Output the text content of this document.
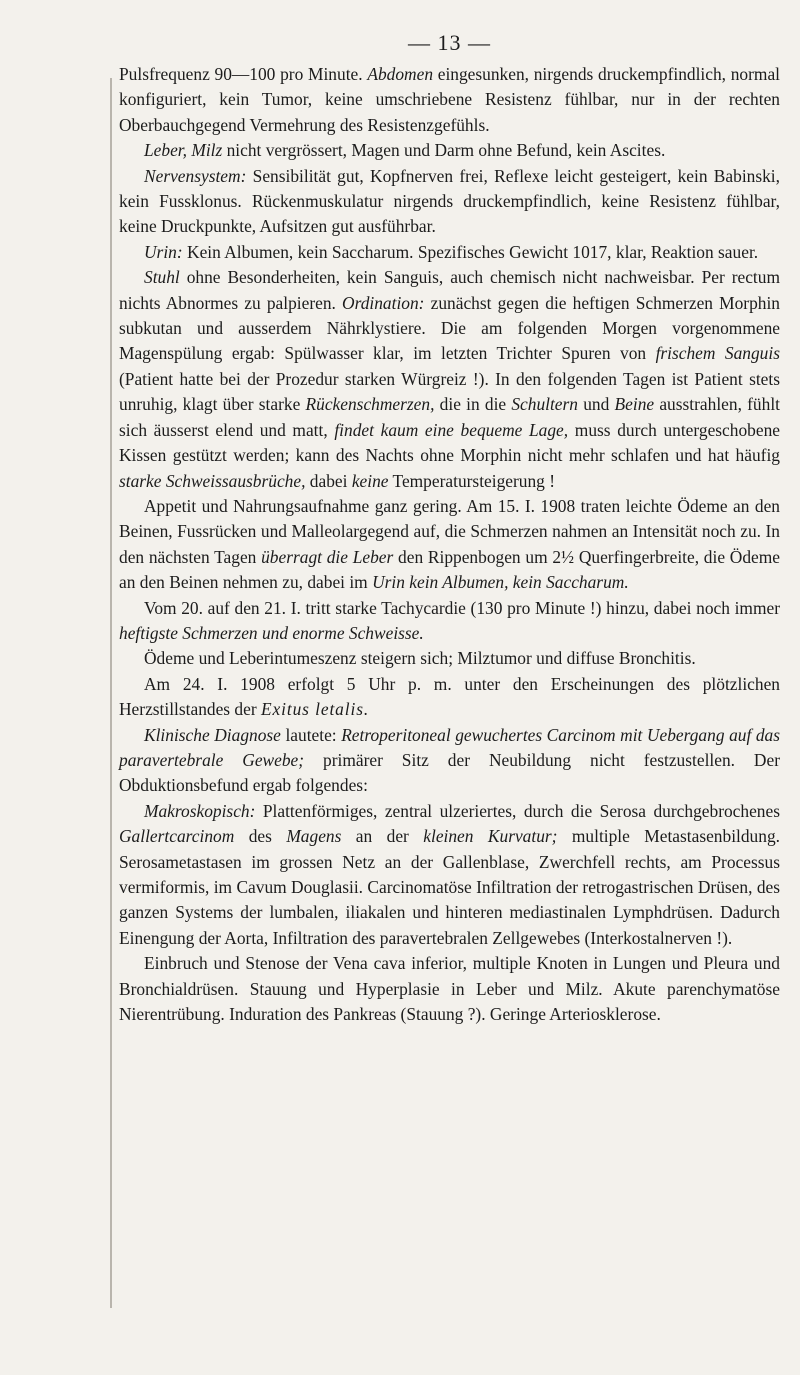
— 13 —

Pulsfrequenz 90—100 pro Minute. Abdomen eingesunken, nirgends druckempfindlich, normal konfiguriert, kein Tumor, keine umschriebene Resistenz fühlbar, nur in der rechten Oberbauchgegend Vermehrung des Resistenzgefühls.

Leber, Milz nicht vergrössert, Magen und Darm ohne Befund, kein Ascites.

Nervensystem: Sensibilität gut, Kopfnerven frei, Reflexe leicht gesteigert, kein Babinski, kein Fussklonus. Rückenmuskulatur nirgends druckempfindlich, keine Resistenz fühlbar, keine Druckpunkte, Aufsitzen gut ausführbar.

Urin: Kein Albumen, kein Saccharum. Spezifisches Gewicht 1017, klar, Reaktion sauer.

Stuhl ohne Besonderheiten, kein Sanguis, auch chemisch nicht nachweisbar. Per rectum nichts Abnormes zu palpieren. Ordination: zunächst gegen die heftigen Schmerzen Morphin subkutan und ausserdem Nährklystiere. Die am folgenden Morgen vorgenommene Magenspülung ergab: Spülwasser klar, im letzten Trichter Spuren von frischem Sanguis (Patient hatte bei der Prozedur starken Würgreiz !). In den folgenden Tagen ist Patient stets unruhig, klagt über starke Rückenschmerzen, die in die Schultern und Beine ausstrahlen, fühlt sich äusserst elend und matt, findet kaum eine bequeme Lage, muss durch untergeschobene Kissen gestützt werden; kann des Nachts ohne Morphin nicht mehr schlafen und hat häufig starke Schweissausbrüche, dabei keine Temperatursteigerung !

Appetit und Nahrungsaufnahme ganz gering. Am 15. I. 1908 traten leichte Ödeme an den Beinen, Fussrücken und Malleolargegend auf, die Schmerzen nahmen an Intensität noch zu. In den nächsten Tagen überragt die Leber den Rippenbogen um 2½ Querfingerbreite, die Ödeme an den Beinen nehmen zu, dabei im Urin kein Albumen, kein Saccharum.

Vom 20. auf den 21. I. tritt starke Tachycardie (130 pro Minute !) hinzu, dabei noch immer heftigste Schmerzen und enorme Schweisse.

Ödeme und Leberintumeszenz steigern sich; Milztumor und diffuse Bronchitis.

Am 24. I. 1908 erfolgt 5 Uhr p. m. unter den Erscheinungen des plötzlichen Herzstillstandes der Exitus letalis.

Klinische Diagnose lautete: Retroperitoneal gewuchertes Carcinom mit Uebergang auf das paravertebrale Gewebe; primärer Sitz der Neubildung nicht festzustellen. Der Obduktionsbefund ergab folgendes:

Makroskopisch: Plattenförmiges, zentral ulzeriertes, durch die Serosa durchgebrochenes Gallertcarcinom des Magens an der kleinen Kurvatur; multiple Metastasenbildung. Serosametastasen im grossen Netz an der Gallenblase, Zwerchfell rechts, am Processus vermiformis, im Cavum Douglasii. Carcinomatöse Infiltration der retrogastrischen Drüsen, des ganzen Systems der lumbalen, iliakalen und hinteren mediastinalen Lymphdrüsen. Dadurch Einengung der Aorta, Infiltration des paravertebralen Zellgewebes (Interkostalnerven !).

Einbruch und Stenose der Vena cava inferior, multiple Knoten in Lungen und Pleura und Bronchialdrüsen. Stauung und Hyperplasie in Leber und Milz. Akute parenchymatöse Nierentrübung. Induration des Pankreas (Stauung ?). Geringe Arteriosklerose.
